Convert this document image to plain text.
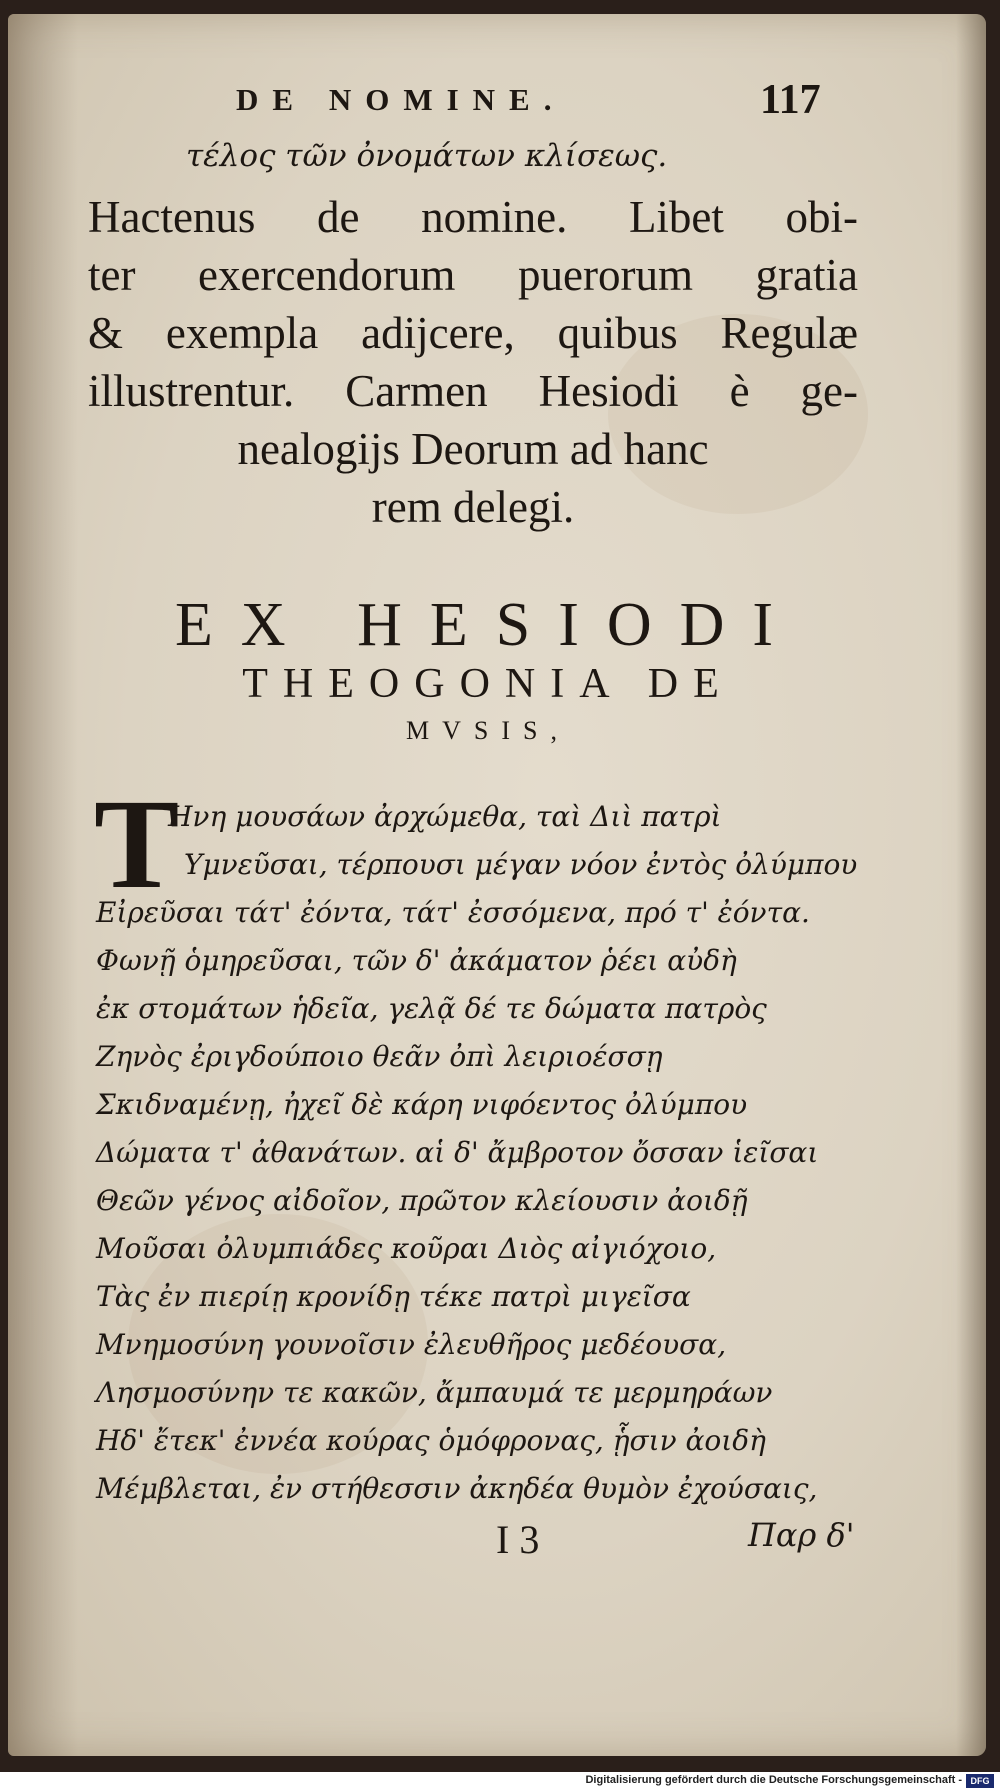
DE NOMINE.	117
τέλος τῶν ὀνομάτων κλίσεως.
Hactenus de nomine. Libet obi-
ter exercendorum puerorum gratia
& exempla adijcere, quibus Regulæ
illustrentur. Carmen Hesiodi è ge-
nealogijs Deorum ad hanc
rem delegi.
EX HESIODI
THEOGONIA DE
MVSIS,
T
Ηνη μουσάων ἀρχώμεθα, ταὶ Διὶ πατρὶ
Υμνεῦσαι, τέρπουσι μέγαν νόον ἐντὸς ὀλύμπου
Εἰρεῦσαι τάτ' ἐόντα, τάτ' ἐσσόμενα, πρό τ' ἐόντα.
Φωνῇ ὁμηρεῦσαι, τῶν δ' ἀκάματον ῥέει αὐδὴ
ἐκ στομάτων ἡδεῖα, γελᾷ δέ τε δώματα πατρὸς
Ζηνὸς ἐριγδούποιο θεᾶν ὀπὶ λειριοέσσῃ
Σκιδναμένῃ, ἠχεῖ δὲ κάρη νιφόεντος ὀλύμπου
Δώματα τ' ἀθανάτων. αἱ δ' ἄμβροτον ὄσσαν ἱεῖσαι
Θεῶν γένος αἰδοῖον, πρῶτον κλείουσιν ἀοιδῇ
Μοῦσαι ὀλυμπιάδες κοῦραι Διὸς αἰγιόχοιο,
Τὰς ἐν πιερίῃ κρονίδῃ τέκε πατρὶ μιγεῖσα
Μνημοσύνη γουνοῖσιν ἐλευθῆρος μεδέουσα,
Λησμοσύνην τε κακῶν, ἄμπαυμά τε μερμηράων
Ηδ' ἔτεκ' ἐννέα κούρας ὁμόφρονας, ᾗσιν ἀοιδὴ
Μέμβλεται, ἐν στήθεσσιν ἀκηδέα θυμὸν ἐχούσαις,
I 3	Παρ δ'
Digitalisierung gefördert durch die Deutsche Forschungsgemeinschaft - DFG
